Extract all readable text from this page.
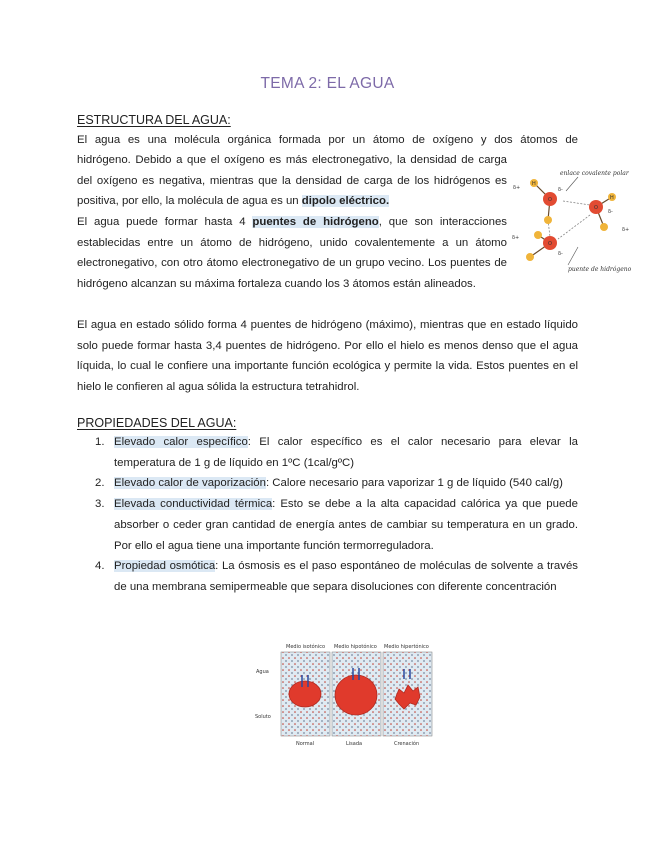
TEMA 2: EL AGUA
ESTRUCTURA DEL AGUA:

El agua es una molécula orgánica formada por un átomo de oxígeno y dos átomos de

hidrógeno. Debido a que el oxígeno es más electronegativo, la densidad de carga del oxígeno es negativa, mientras que la densidad de carga de los hidrógenos es positiva, por ello, la molécula de agua es un dipolo eléctrico.

El agua puede formar hasta 4 puentes de hidrógeno, que son interacciones establecidas entre un átomo de hidrógeno, unido covalentemente a un átomo electronegativo, con otro átomo electronegativo de un grupo vecino. Los puentes de hidrógeno alcanzan su máxima fortaleza cuando los 3 átomos están alineados.

enlace covalente polar
O
O
O
H
H
δ+	δ-
δ-
δ+
δ+
δ-
puente de hidrógeno

El agua en estado sólido forma 4 puentes de hidrógeno (máximo), mientras que en estado líquido solo puede formar hasta 3,4 puentes de hidrógeno. Por ello el hielo es menos denso que el agua líquida, lo cual le confiere una importante función ecológica y permite la vida. Estos puentes en el hielo le confieren al agua sólida la estructura tetrahidrol.

PROPIEDADES DEL AGUA:
1. Elevado calor específico: El calor específico es el calor necesario para elevar la temperatura de 1 g de líquido en 1ºC (1cal/gºC)
2. Elevado calor de vaporización: Calore necesario para vaporizar 1 g de líquido (540 cal/g)
3. Elevada conductividad térmica: Esto se debe a la alta capacidad calórica ya que puede absorber o ceder gran cantidad de energía antes de cambiar su temperatura en un grado. Por ello el agua tiene una importante función termorreguladora.
4. Propiedad osmótica: La ósmosis es el paso espontáneo de moléculas de solvente a través de una membrana semipermeable que separa disoluciones con diferente concentración
Medio isotónico Medio hipotónico Medio hipertónico
Agua
Soluto
Normal	Lisada	Crenación
